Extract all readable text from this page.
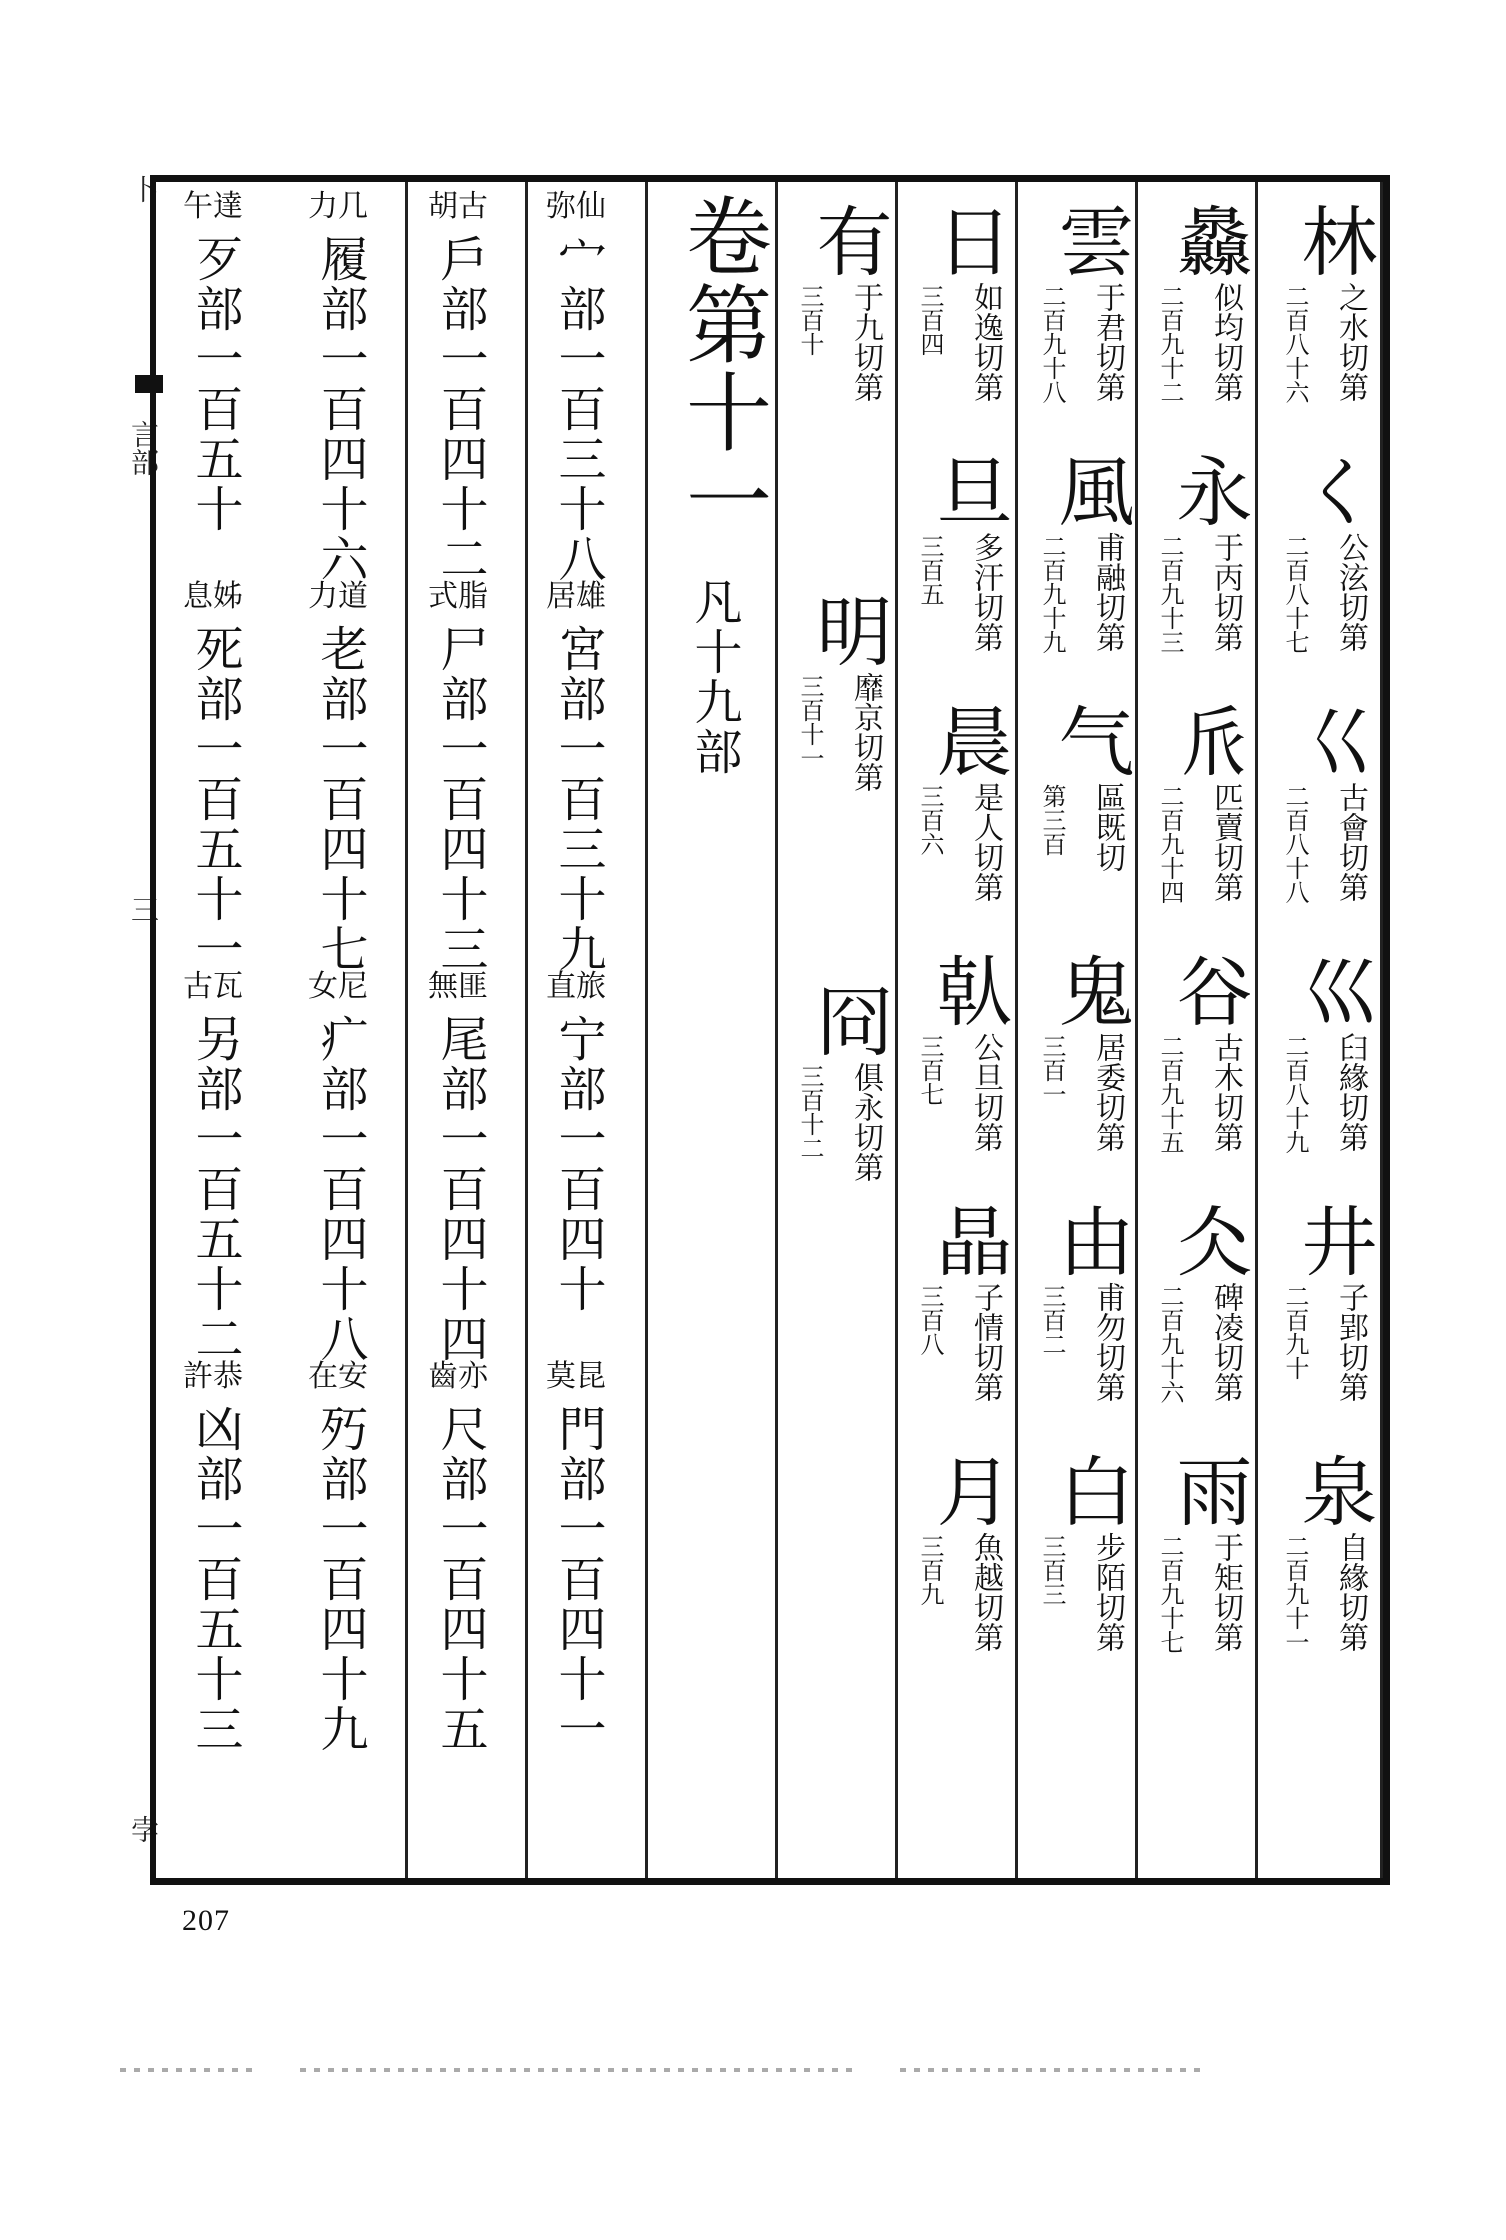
卜
言部
三
孛
林
之水切第
二百八十六
く
公泫切第
二百八十七
巜
古會切第
二百八十八
巛
𦥑緣切第
二百八十九
井
子郢切第
二百九十
泉
自緣切第
二百九十一
灥
似均切第
二百九十二
永
于丙切第
二百九十三
𠂢
匹賣切第
二百九十四
谷
古木切第
二百九十五
仌
碑凌切第
二百九十六
雨
于矩切第
二百九十七
雲
于君切第
二百九十八
風
甫融切第
二百九十九
气
區既切
第三百
鬼
居委切第
三百一
由
甫勿切第
三百二
白
步陌切第
三百三
日
如逸切第
三百四
旦
多汗切第
三百五
晨
是人切第
三百六
倝
公旦切第
三百七
晶
子情切第
三百八
月
魚越切第
三百九
有
于九切第
三百十
明
靡京切第
三百十一
冏
俱永切第
三百十二
卷第十一
凡十九部
弥仙
宀部一百三十八
居雄
宮部一百三十九
直旅
宁部一百四十
莫昆
門部一百四十一
胡古
戶部一百四十二
式脂
尸部一百四十三
無匪
尾部一百四十四
齒亦
尺部一百四十五
力几
履部一百四十六
力道
老部一百四十七
女尼
疒部一百四十八
在安
㱙部一百四十九
午達
歹部一百五十
息姊
死部一百五十一
古瓦
另部一百五十二
許恭
凶部一百五十三
207
